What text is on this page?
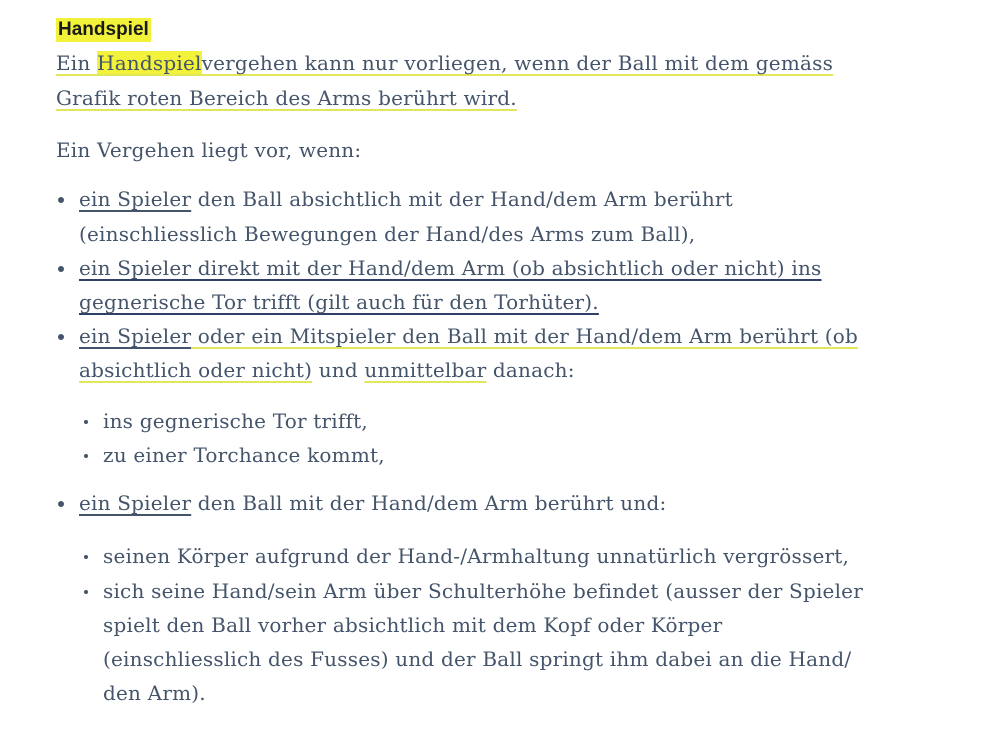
Handspiel
Ein Handspielvergehen kann nur vorliegen, wenn der Ball mit dem gemäss
Grafik roten Bereich des Arms berührt wird.
Ein Vergehen liegt vor, wenn:
ein Spieler den Ball absichtlich mit der Hand/dem Arm berührt
(einschliesslich Bewegungen der Hand/des Arms zum Ball),
ein Spieler direkt mit der Hand/dem Arm (ob absichtlich oder nicht) ins
gegnerische Tor trifft (gilt auch für den Torhüter).
ein Spieler oder ein Mitspieler den Ball mit der Hand/dem Arm berührt (ob
absichtlich oder nicht) und unmittelbar danach:
ins gegnerische Tor trifft,
zu einer Torchance kommt,
ein Spieler den Ball mit der Hand/dem Arm berührt und:
seinen Körper aufgrund der Hand-/Armhaltung unnatürlich vergrössert,
sich seine Hand/sein Arm über Schulterhöhe befindet (ausser der Spieler
spielt den Ball vorher absichtlich mit dem Kopf oder Körper
(einschliesslich des Fusses) und der Ball springt ihm dabei an die Hand/
den Arm).
